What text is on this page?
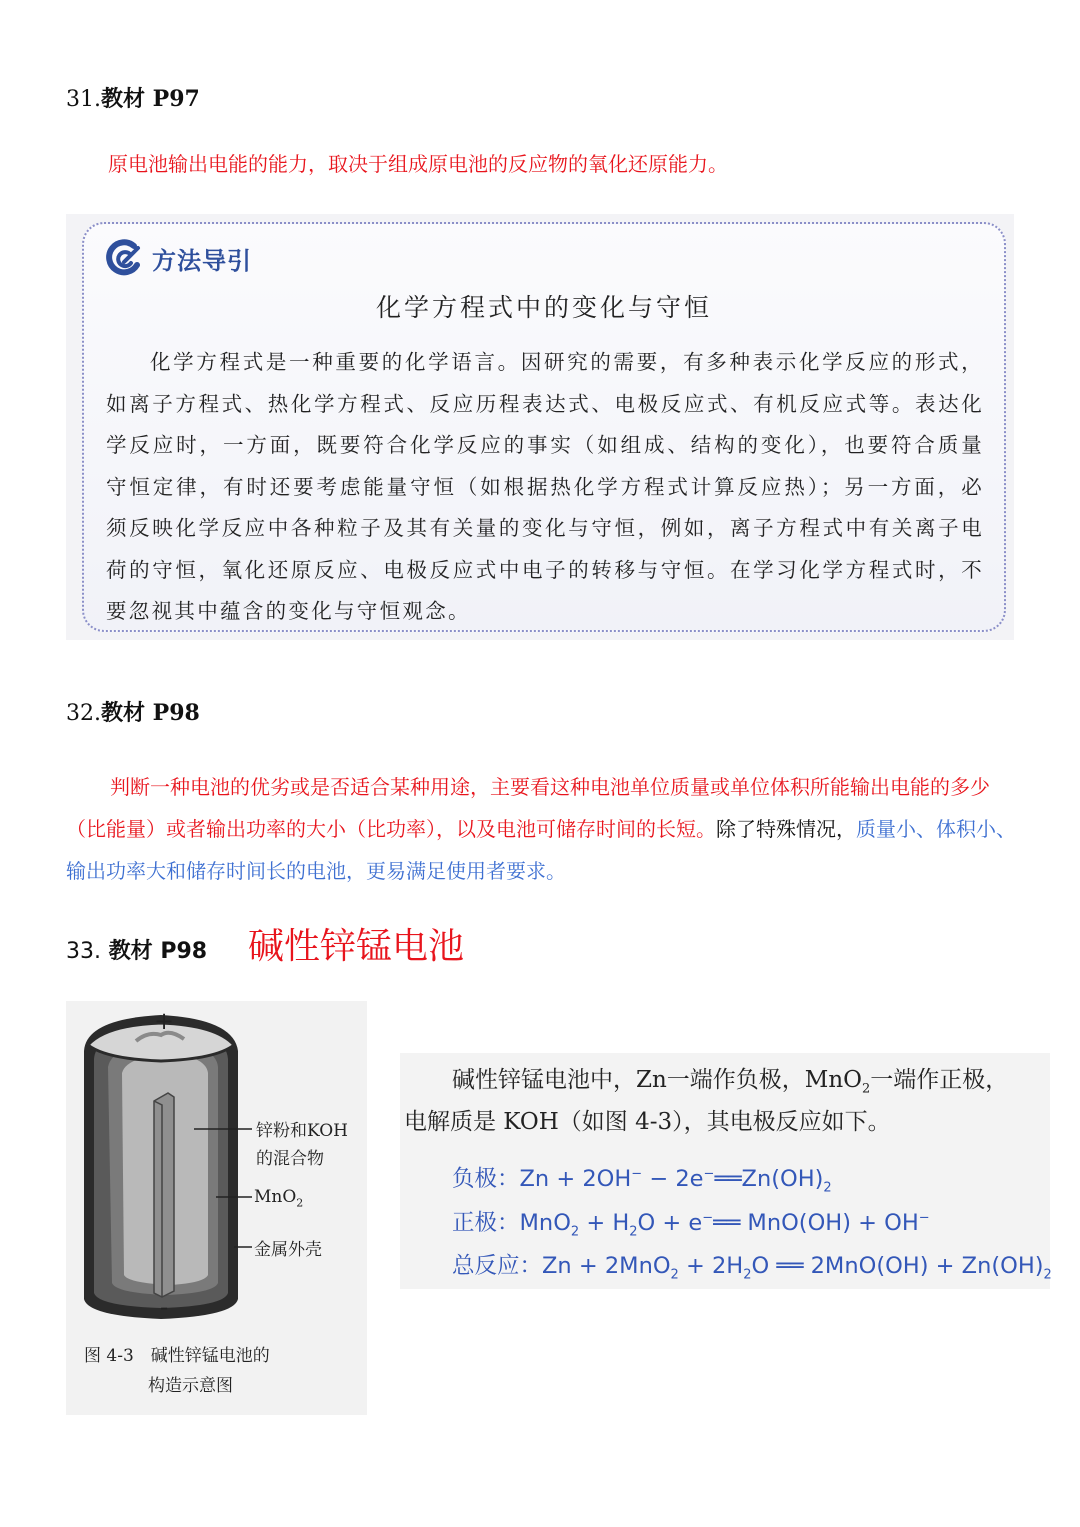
31.教材 P97
原电池输出电能的能力，取决于组成原电池的反应物的氧化还原能力。
方法导引
化学方程式中的变化与守恒
化学方程式是一种重要的化学语言。因研究的需要，有多种表示化学反应的形式，如离子方程式、热化学方程式、反应历程表达式、电极反应式、有机反应式等。表达化学反应时，一方面，既要符合化学反应的事实（如组成、结构的变化），也要符合质量守恒定律，有时还要考虑能量守恒（如根据热化学方程式计算反应热）；另一方面，必须反映化学反应中各种粒子及其有关量的变化与守恒，例如，离子方程式中有关离子电荷的守恒，氧化还原反应、电极反应式中电子的转移与守恒。在学习化学方程式时，不要忽视其中蕴含的变化与守恒观念。
32.教材 P98
判断一种电池的优劣或是否适合某种用途，主要看这种电池单位质量或单位体积所能输出电能的多少（比能量）或者输出功率的大小（比功率），以及电池可储存时间的长短。除了特殊情况，质量小、体积小、输出功率大和储存时间长的电池，更易满足使用者要求。
33. 教材 P98 碱性锌锰电池
+
-
锌粉和KOH
的混合物
MnO$_2$
金属外壳
图 4-3　碱性锌锰电池的
构造示意图
碱性锌锰电池中，Zn一端作负极，MnO$_2$一端作正极，
电解质是 KOH（如图 4-3），其电极反应如下。
负极：$Zn + 2OH^- - 2e^-══Zn(OH)_2$
正极：$MnO_2 + H_2O$ + e−══ MnO(OH) + OH−
总反应：$Zn + 2MnO_2 + 2H_2O$ ══ $2MnO(OH) + Zn(OH)_2$
